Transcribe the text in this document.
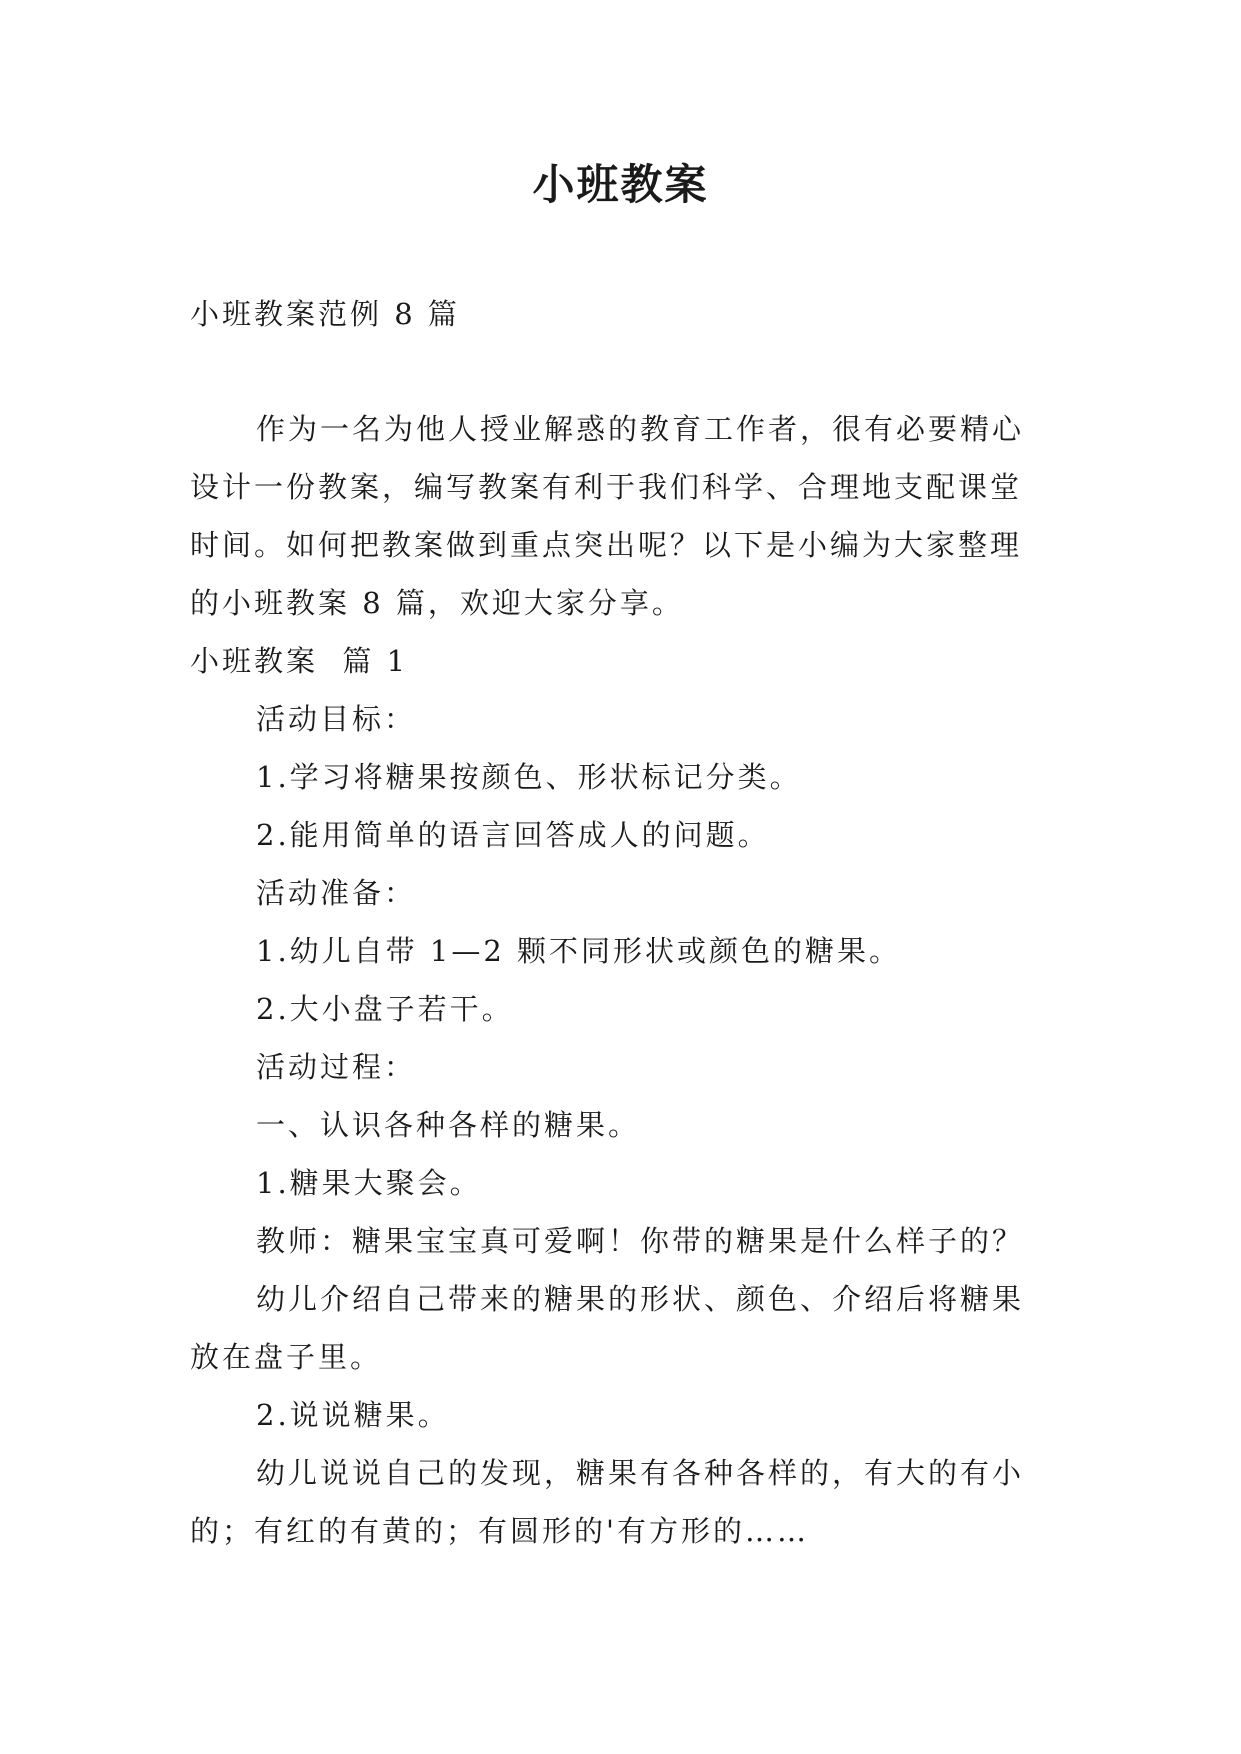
小班教案
小班教案范例 8 篇

作为一名为他人授业解惑的教育工作者，很有必要精心

设计一份教案，编写教案有利于我们科学、合理地支配课堂

时间。如何把教案做到重点突出呢？以下是小编为大家整理

的小班教案 8 篇，欢迎大家分享。

小班教案  篇 1

活动目标：

1.学习将糖果按颜色、形状标记分类。

2.能用简单的语言回答成人的问题。

活动准备：

1.幼儿自带 1—2 颗不同形状或颜色的糖果。

2.大小盘子若干。

活动过程：

一、认识各种各样的糖果。

1.糖果大聚会。

教师：糖果宝宝真可爱啊！你带的糖果是什么样子的？

幼儿介绍自己带来的糖果的形状、颜色、介绍后将糖果

放在盘子里。

2.说说糖果。

幼儿说说自己的发现，糖果有各种各样的，有大的有小

的；有红的有黄的；有圆形的'有方形的……
